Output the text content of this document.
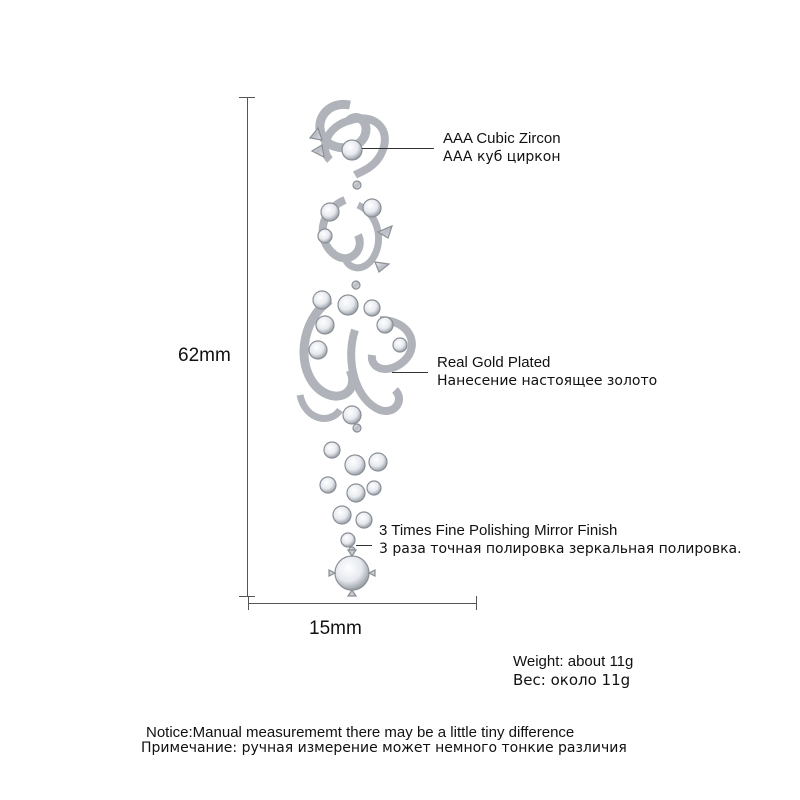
62mm
15mm
AAA Cubic Zircon
AAA куб циркон
Real Gold Plated
Нанесение настоящее золото
3 Times Fine Polishing Mirror Finish
3 раза точная полировка зеркальная полировка.
Weight: about 11g
Вес: около 11g
Notice:Manual measurememt there may be a little tiny difference
Примечание: ручная измерение может немного тонкие различия
